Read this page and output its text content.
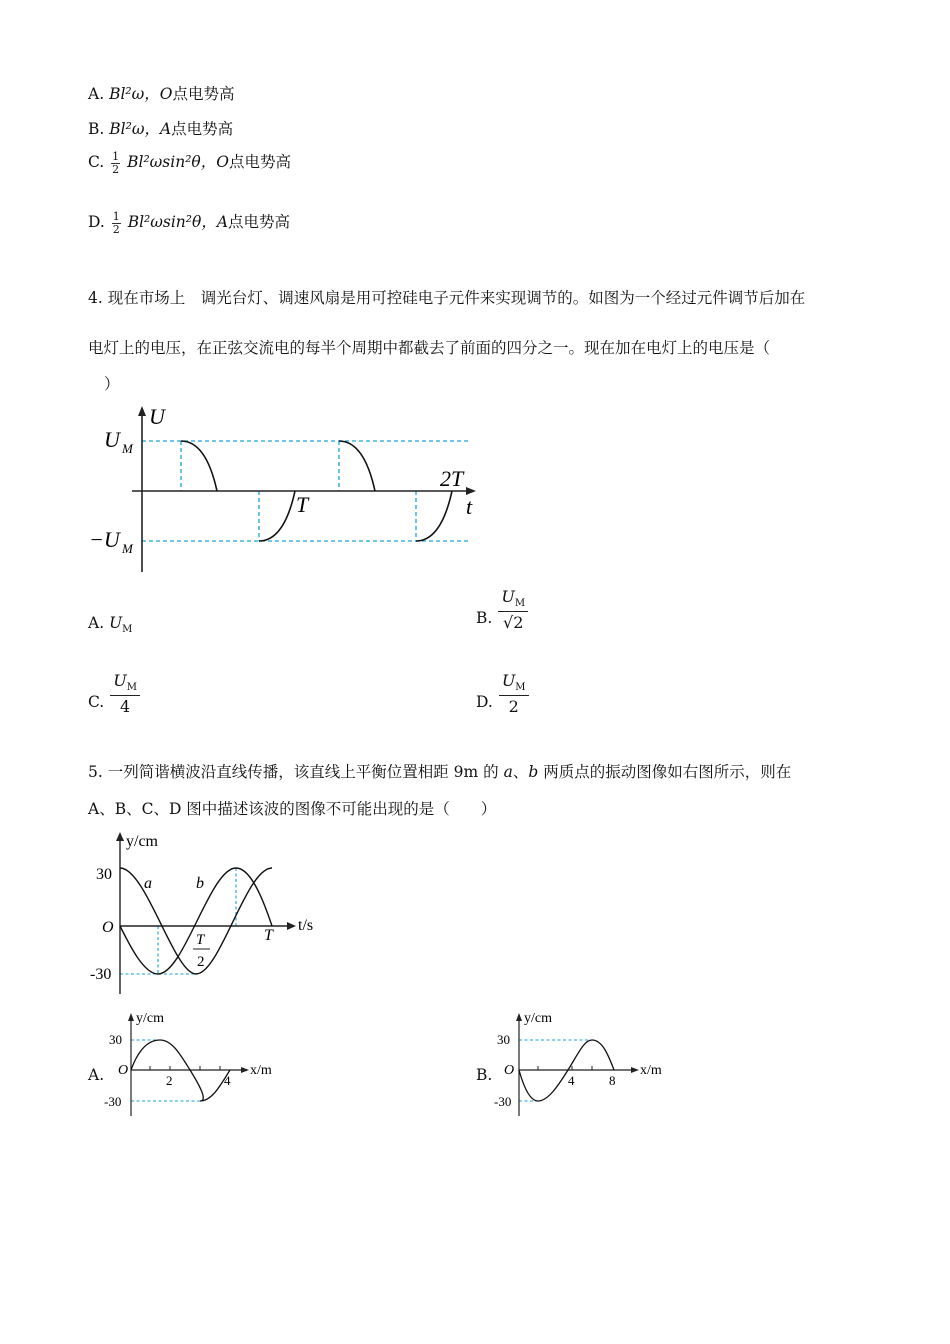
A. Bl²ω，O点电势高
B. Bl²ω，A点电势高
C. $\frac{1}{2} Bl^2\omega\sin^2\theta$，O点电势高
D. $\frac{1}{2} Bl^2\omega\sin^2\theta$，A点电势高
4. 现在市场上　调光台灯、调速风扇是用可控硅电子元件来实现调节的。如图为一个经过元件调节后加在
电灯上的电压，在正弦交流电的每半个周期中都截去了前面的四分之一。现在加在电灯上的电压是（
）
U
U M
−U M
T
2T
t
A. $U_M$
B. $\frac{U_M}{√2}$
C. $\frac{U_M}{4}$	D. $\frac{U_M}{2}$
5. 一列简谐横波沿直线传播，该直线上平衡位置相距 9m 的 a、b 两质点的振动图像如右图所示，则在
A、B、C、D 图中描述该波的图像不可能出现的是（　　）
y/cm
30
-30
O
a	b
T
2
T
t/s
A.
y/cm
30
-30
O
2	4
x/m	B.
y/cm
30
-30
O
4	8
x/m
